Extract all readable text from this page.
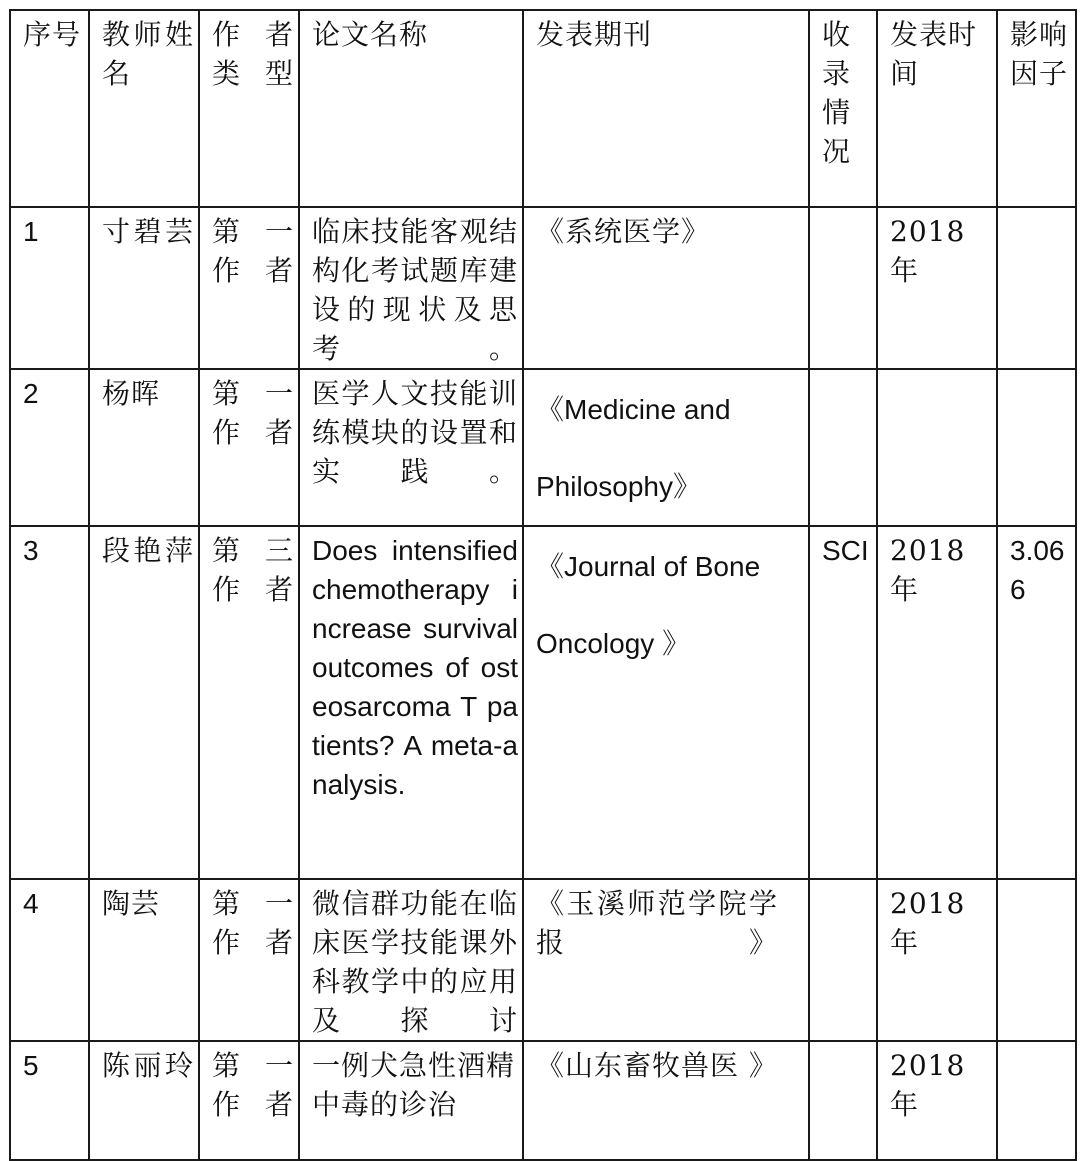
序号	教师姓名	作者类型	论文名称	发表期刊	收录情况	发表时间	影响因子
1	寸碧芸	第一作者	临床技能客观结构化考试题库建设的现状及思考。	《系统医学》		2018年	
2	杨晖	第一作者	医学人文技能训练模块的设置和实践。	《Medicine and
Philosophy》			

3	段艳萍	第三作者	Does intensified chemotherapy increase survival outcomes of osteosarcoma T patients? A meta-analysis.	《Journal of Bone
Oncology 》	SCI	2018年	3.066
4	陶芸	第一作者	微信群功能在临床医学技能课外科教学中的应用及探讨	《玉溪师范学院学报》		2018年	
5	陈丽玲	第一作者	一例犬急性酒精中毒的诊治	《山东畜牧兽医 》		2018年	
